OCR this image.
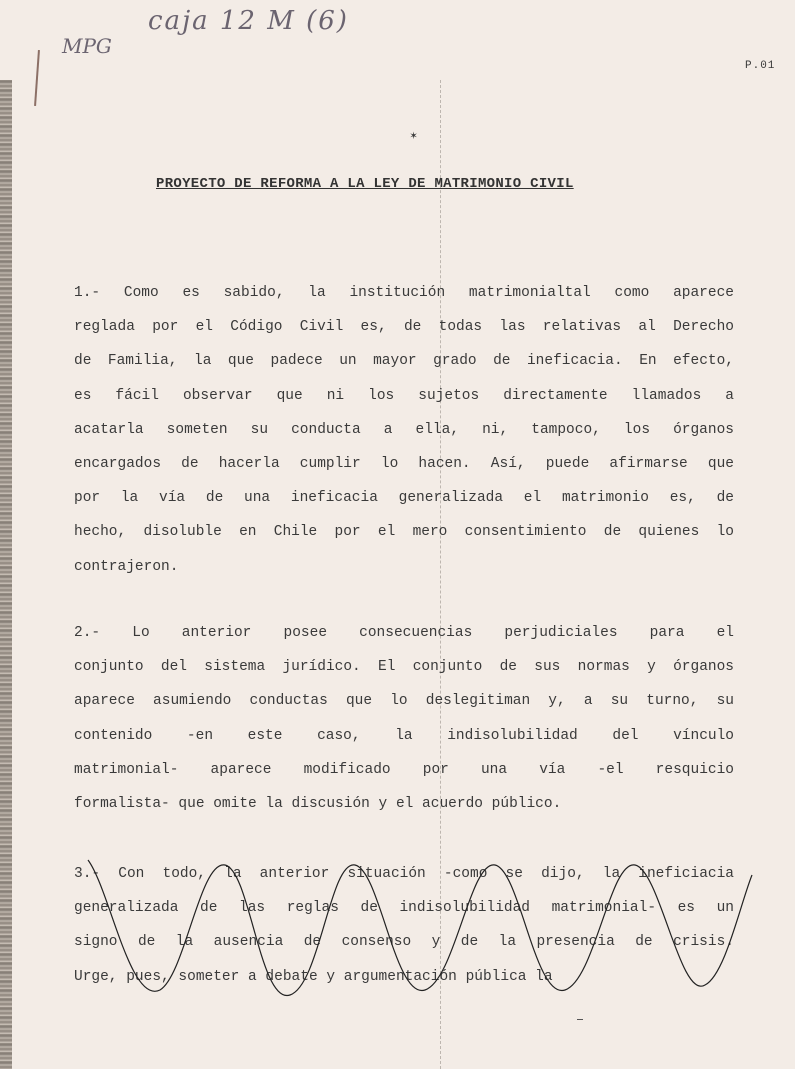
caja 12 M (6)
MPG
P.01
✶
PROYECTO DE REFORMA A LA LEY DE MATRIMONIO CIVIL
1.- Como es sabido, la institución matrimonialtal como aparece
reglada por el Código Civil es, de todas las relativas al Derecho
de Familia, la que padece un mayor grado de ineficacia. En efecto,
es fácil observar que ni los sujetos directamente llamados a
acatarla someten su conducta a ella, ni, tampoco, los órganos
encargados de hacerla cumplir lo hacen. Así, puede afirmarse que
por la vía de una ineficacia generalizada el matrimonio es, de
hecho, disoluble en Chile por el mero consentimiento de quienes lo
contrajeron.
2.- Lo anterior posee consecuencias perjudiciales para el
conjunto del sistema jurídico. El conjunto de sus normas y órganos
aparece asumiendo conductas que lo deslegitiman y, a su turno, su
contenido -en este caso, la indisolubilidad del vínculo
matrimonial- aparece modificado por una vía -el resquicio
formalista- que omite la discusión y el acuerdo público.
3.- Con todo, la anterior situación -como se dijo, la ineficiacia
generalizada de las reglas de indisolubilidad matrimonial- es un
signo de la ausencia de consenso y de la presencia de crisis.
Urge, pues, someter a debate y argumentación pública la
